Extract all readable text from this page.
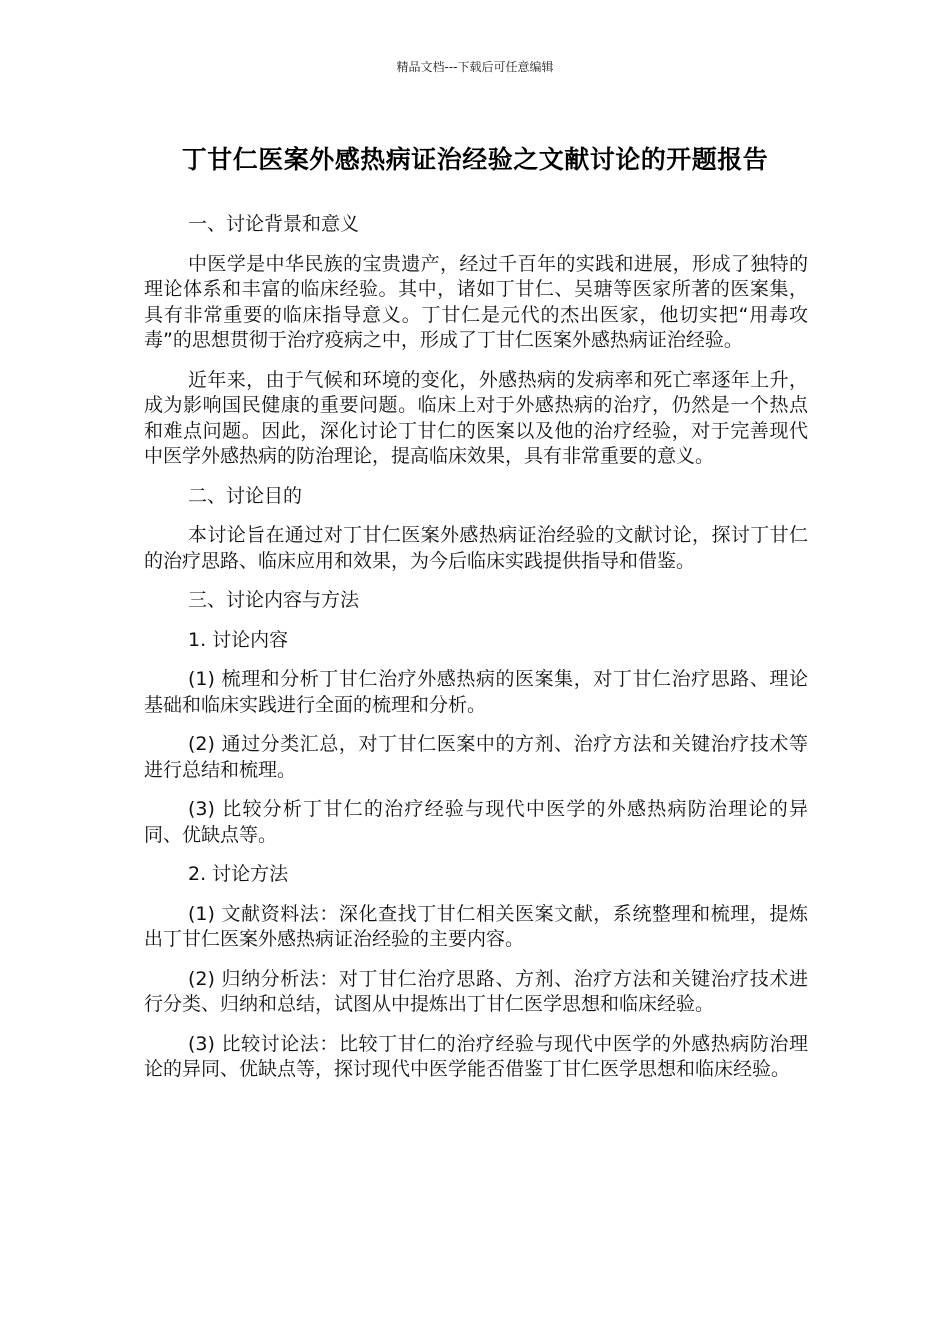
精品文档---下载后可任意编辑
丁甘仁医案外感热病证治经验之文献讨论的开题报告

一、讨论背景和意义

中医学是中华民族的宝贵遗产，经过千百年的实践和进展，形成了独特的理论体系和丰富的临床经验。其中，诸如丁甘仁、吴瑭等医家所著的医案集，具有非常重要的临床指导意义。丁甘仁是元代的杰出医家，他切实把“用毒攻毒”的思想贯彻于治疗疫病之中，形成了丁甘仁医案外感热病证治经验。

近年来，由于气候和环境的变化，外感热病的发病率和死亡率逐年上升，成为影响国民健康的重要问题。临床上对于外感热病的治疗，仍然是一个热点和难点问题。因此，深化讨论丁甘仁的医案以及他的治疗经验，对于完善现代中医学外感热病的防治理论，提高临床效果，具有非常重要的意义。

二、讨论目的

本讨论旨在通过对丁甘仁医案外感热病证治经验的文献讨论，探讨丁甘仁的治疗思路、临床应用和效果，为今后临床实践提供指导和借鉴。

三、讨论内容与方法

1. 讨论内容

(1) 梳理和分析丁甘仁治疗外感热病的医案集，对丁甘仁治疗思路、理论基础和临床实践进行全面的梳理和分析。

(2) 通过分类汇总，对丁甘仁医案中的方剂、治疗方法和关键治疗技术等进行总结和梳理。

(3) 比较分析丁甘仁的治疗经验与现代中医学的外感热病防治理论的异同、优缺点等。

2. 讨论方法

(1) 文献资料法：深化查找丁甘仁相关医案文献，系统整理和梳理，提炼出丁甘仁医案外感热病证治经验的主要内容。

(2) 归纳分析法：对丁甘仁治疗思路、方剂、治疗方法和关键治疗技术进行分类、归纳和总结，试图从中提炼出丁甘仁医学思想和临床经验。

(3) 比较讨论法：比较丁甘仁的治疗经验与现代中医学的外感热病防治理论的异同、优缺点等，探讨现代中医学能否借鉴丁甘仁医学思想和临床经验。
